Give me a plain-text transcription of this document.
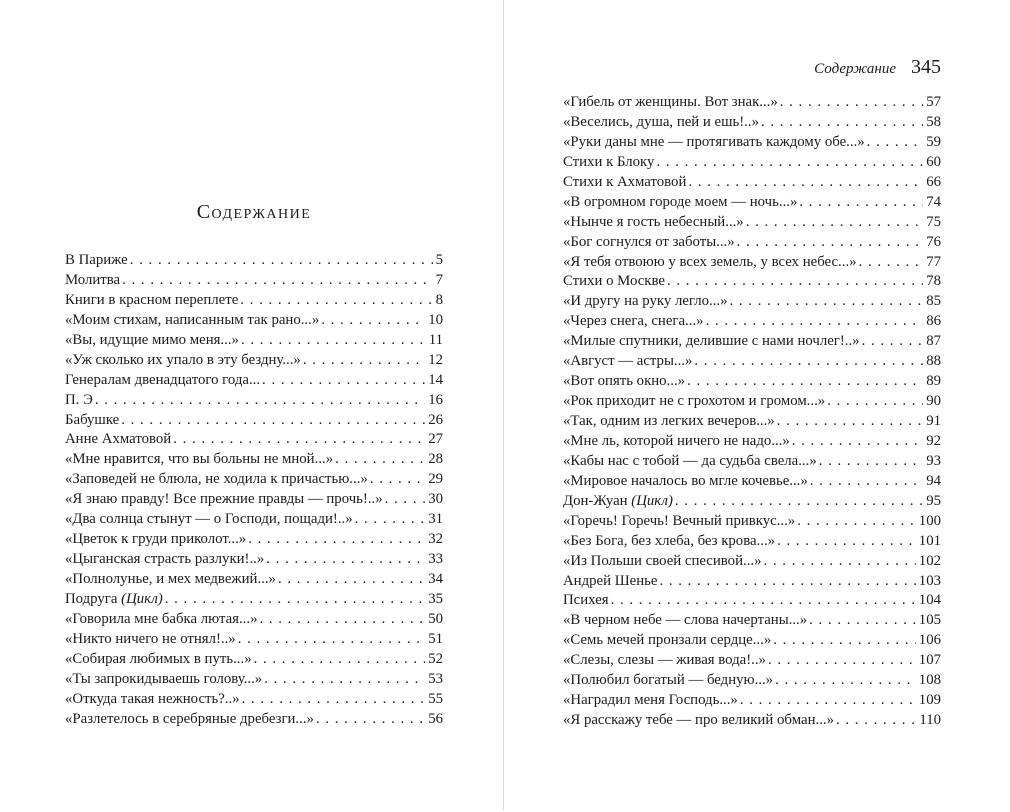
Содержание
В Париже . . .	5
Молитва . . .	7
Книги в красном переплете . . .	8
«Моим стихам, написанным так рано...» . . .	10
«Вы, идущие мимо меня...» . . .	11
«Уж сколько их упало в эту бездну...» . . .	12
Генералам двенадцатого года... . . .	14
П. Э . . .	16
Бабушке . . .	26
Анне Ахматовой . . .	27
«Мне нравится, что вы больны не мной...» . . .	28
«Заповедей не блюла, не ходила к причастью...» . . .	29
«Я знаю правду! Все прежние правды — прочь!..» . . .	30
«Два солнца стынут — о Господи, пощади!..» . . .	31
«Цветок к груди приколот...» . . .	32
«Цыганская страсть разлуки!..» . . .	33
«Полнолунье, и мех медвежий...» . . .	34
Подруга (Цикл) . . .	35
«Говорила мне бабка лютая...» . . .	50
«Никто ничего не отнял!..» . . .	51
«Собирая любимых в путь...» . . .	52
«Ты запрокидываешь голову...» . . .	53
«Откуда такая нежность?..» . . .	55
«Разлетелось в серебряные дребезги...» . . .	56
Содержание 345
«Гибель от женщины. Вот знак...» . . .	57
«Веселись, душа, пей и ешь!..» . . .	58
«Руки даны мне — протягивать каждому обе...» . . .	59
Стихи к Блоку . . .	60
Стихи к Ахматовой . . .	66
«В огромном городе моем — ночь...» . . .	74
«Нынче я гость небесный...» . . .	75
«Бог согнулся от заботы...» . . .	76
«Я тебя отвоюю у всех земель, у всех небес...» . . .	77
Стихи о Москве . . .	78
«И другу на руку легло...» . . .	85
«Через снега, снега...» . . .	86
«Милые спутники, делившие с нами ночлег!..» . . .	87
«Август — астры...» . . .	88
«Вот опять окно...» . . .	89
«Рок приходит не с грохотом и громом...» . . .	90
«Так, одним из легких вечеров...» . . .	91
«Мне ль, которой ничего не надо...» . . .	92
«Кабы нас с тобой — да судьба свела...» . . .	93
«Мировое началось во мгле кочевье...» . . .	94
Дон-Жуан (Цикл) . . .	95
«Горечь! Горечь! Вечный привкус...» . . .	100
«Без Бога, без хлеба, без крова...» . . .	101
«Из Польши своей спесивой...» . . .	102
Андрей Шенье . . .	103
Психея . . .	104
«В черном небе — слова начертаны...» . . .	105
«Семь мечей пронзали сердце...» . . .	106
«Слезы, слезы — живая вода!..» . . .	107
«Полюбил богатый — бедную...» . . .	108
«Наградил меня Господь...» . . .	109
«Я расскажу тебе — про великий обман...» . . .	110
